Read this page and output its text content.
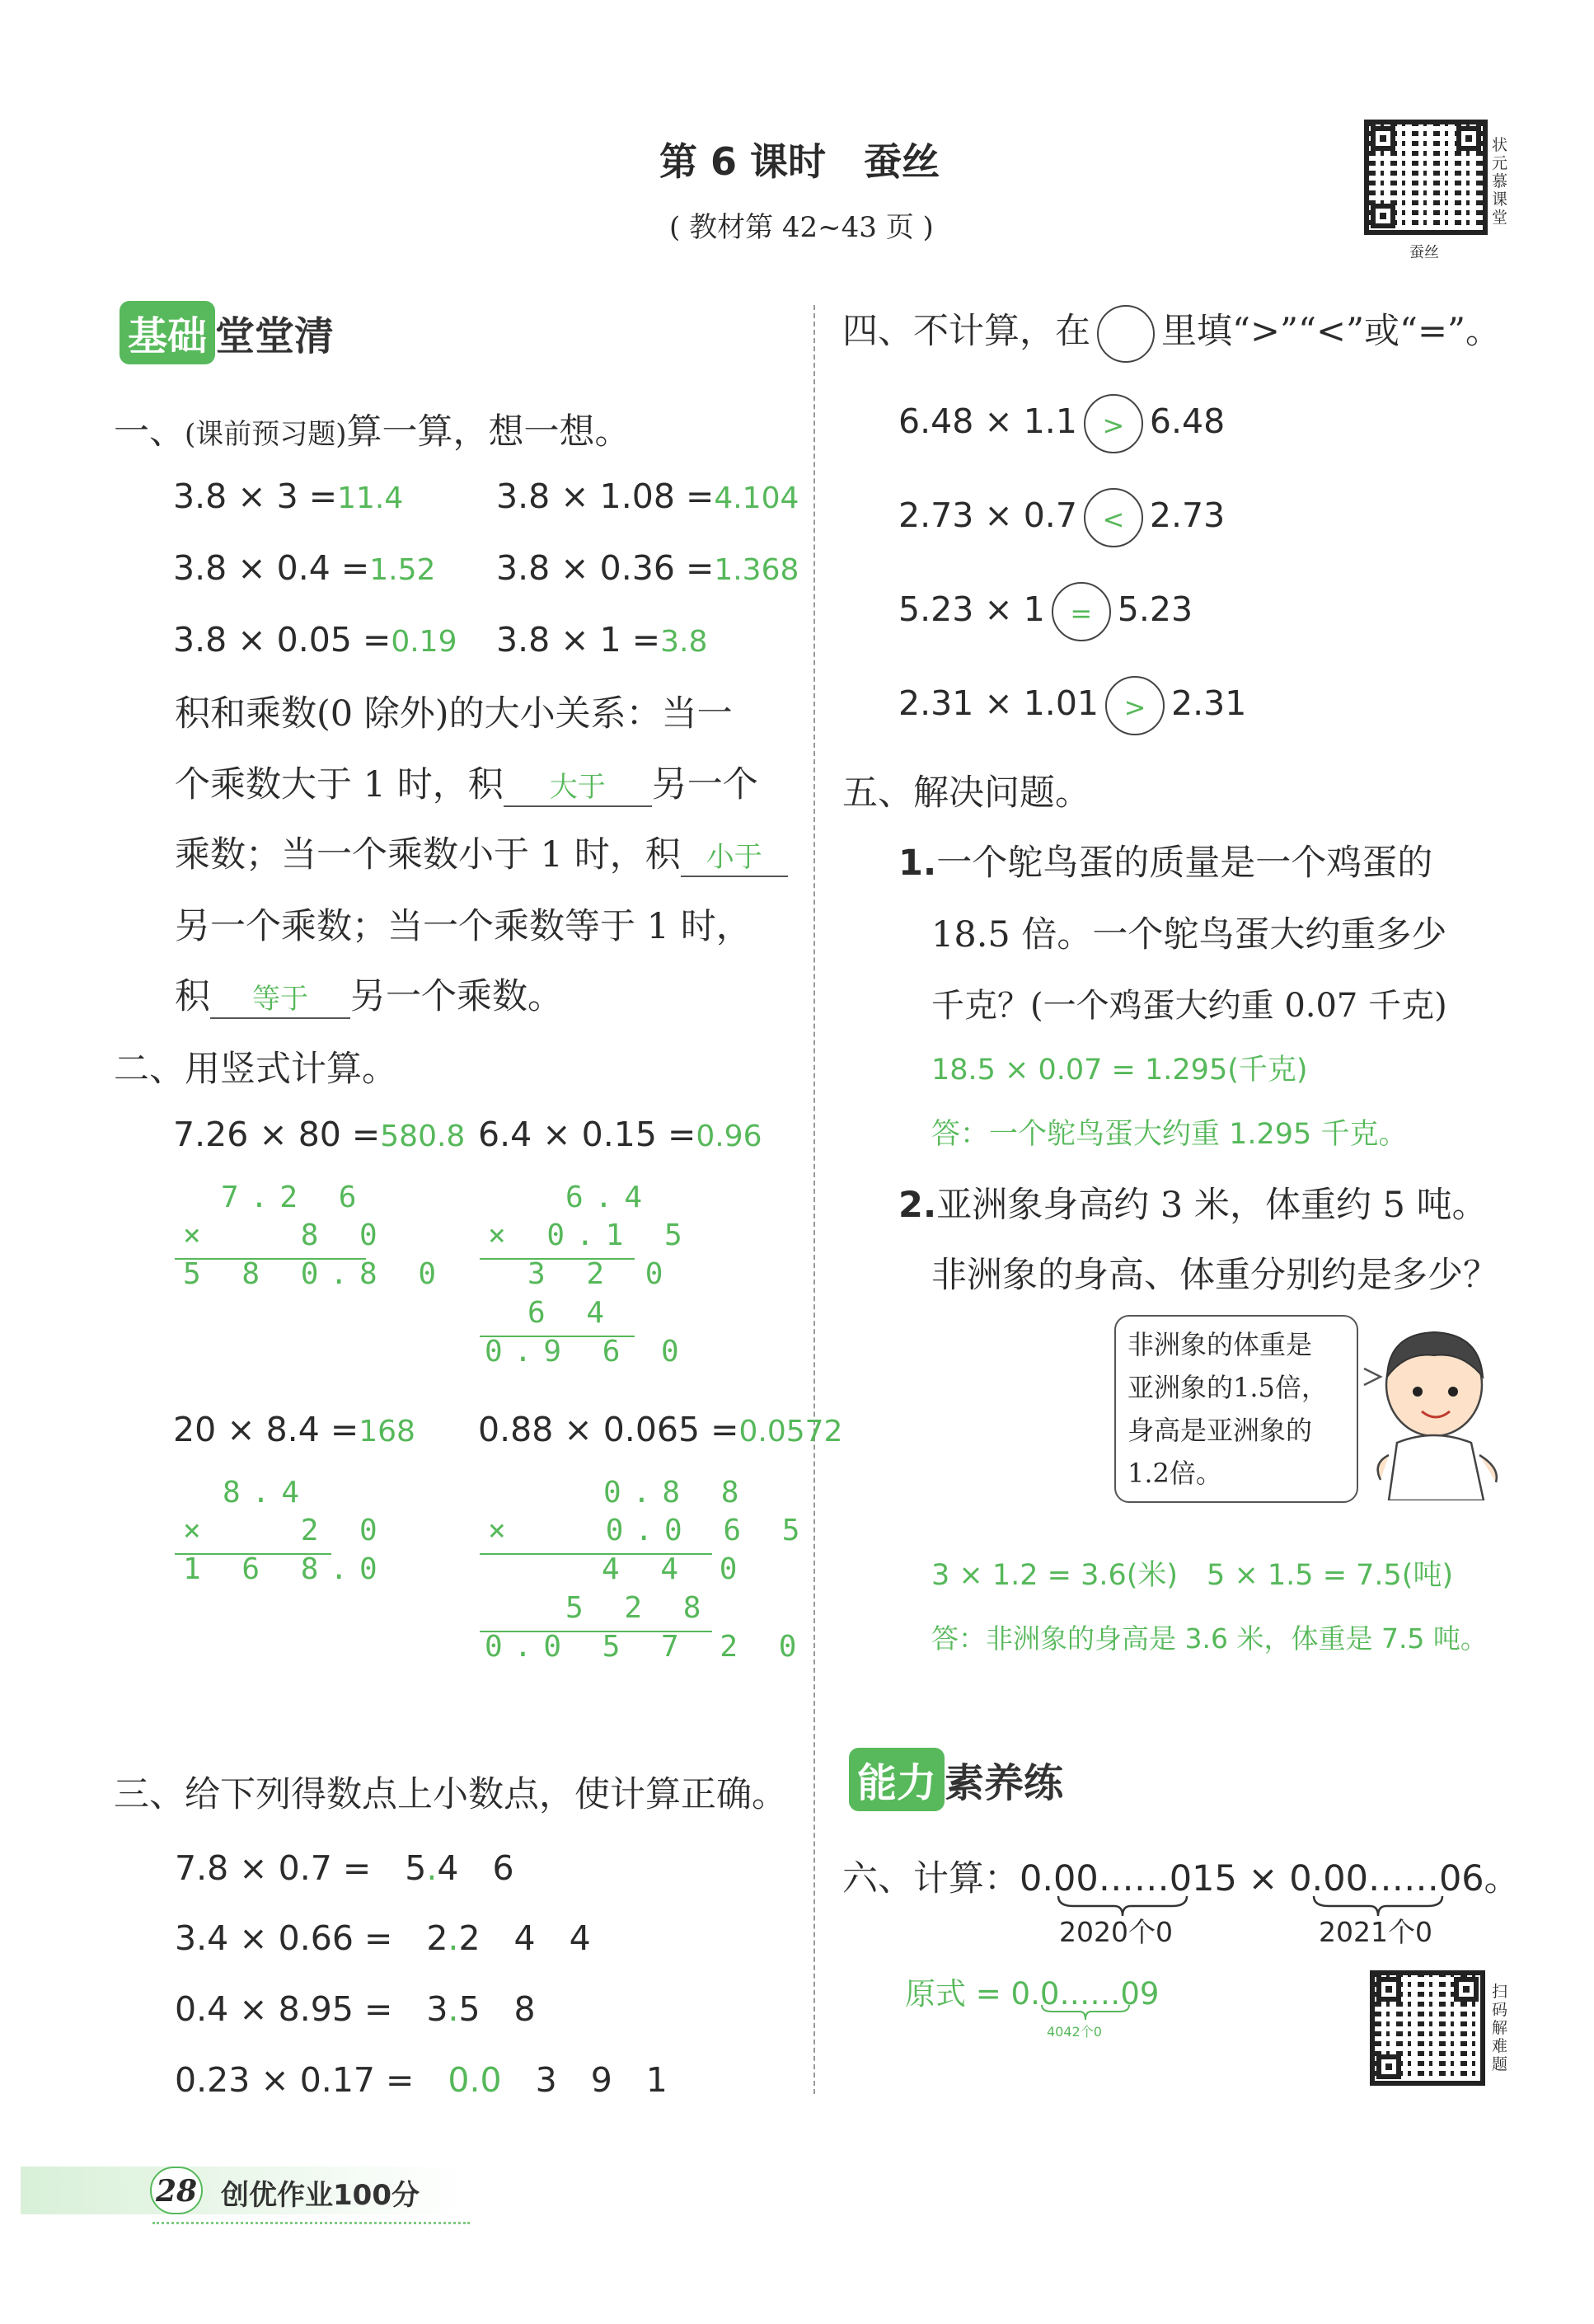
第 6 课时　蚕丝
( 教材第 42~43 页 )
状元慕课堂
蚕丝
基础 堂堂清
一、(课前预习题)算一算，想一想。
3.8 × 3 =11.4	3.8 × 1.08 =4.104
3.8 × 0.4 =1.52 3.8 × 0.36 =1.368
3.8 × 0.05 =0.19 3.8 × 1 =3.8
积和乘数(0 除外)的大小关系：当一
个乘数大于 1 时，积 大于 另一个
乘数；当一个乘数小于 1 时，积 小于
另一个乘数；当一个乘数等于 1 时，
积 等于 另一个乘数。
二、用竖式计算。
7.26 × 80 =580.8 6.4 × 0.15 =0.96
7.2 6
×   8 0
5 8 0.8 0
6.4
× 0.1 5
3 2 0
6 4
0.9 6 0
20 × 8.4 =168 0.88 × 0.065 =0.0572
8.4
×   2 0
1 6 8.0
0.8 8
×   0.0 6 5
4 4 0
5 2 8
0.0 5 7 2 0
三、给下列得数点上小数点，使计算正确。
7.8 × 0.7 =　 5.4　6
3.4 × 0.66 =　 2.2　4　4
0.4 × 8.95 =　 3.5　8
0.23 × 0.17 =　 0.0　 3　9　1
四、不计算，在 里填“>”“<”或“=”。
6.48 × 1.1 > 6.48
2.73 × 0.7 < 2.73
5.23 × 1 = 5.23
2.31 × 1.01 > 2.31
五、解决问题。
1.一个鸵鸟蛋的质量是一个鸡蛋的
18.5 倍。一个鸵鸟蛋大约重多少
千克？(一个鸡蛋大约重 0.07 千克)
18.5 × 0.07 = 1.295(千克)
答：一个鸵鸟蛋大约重 1.295 千克。
2.亚洲象身高约 3 米，体重约 5 吨。
非洲象的身高、体重分别约是多少？
非洲象的体重是
亚洲象的1.5倍，
身高是亚洲象的
1.2倍。
3 × 1.2 = 3.6(米)　5 × 1.5 = 7.5(吨)
答：非洲象的身高是 3.6 米，体重是 7.5 吨。
能力 素养练
六、计算：0.00……015 × 0.00……06。
2020个0	2021个0
原式 = 0.0……09
4042个0
扫码解难题
28 创优作业100分
